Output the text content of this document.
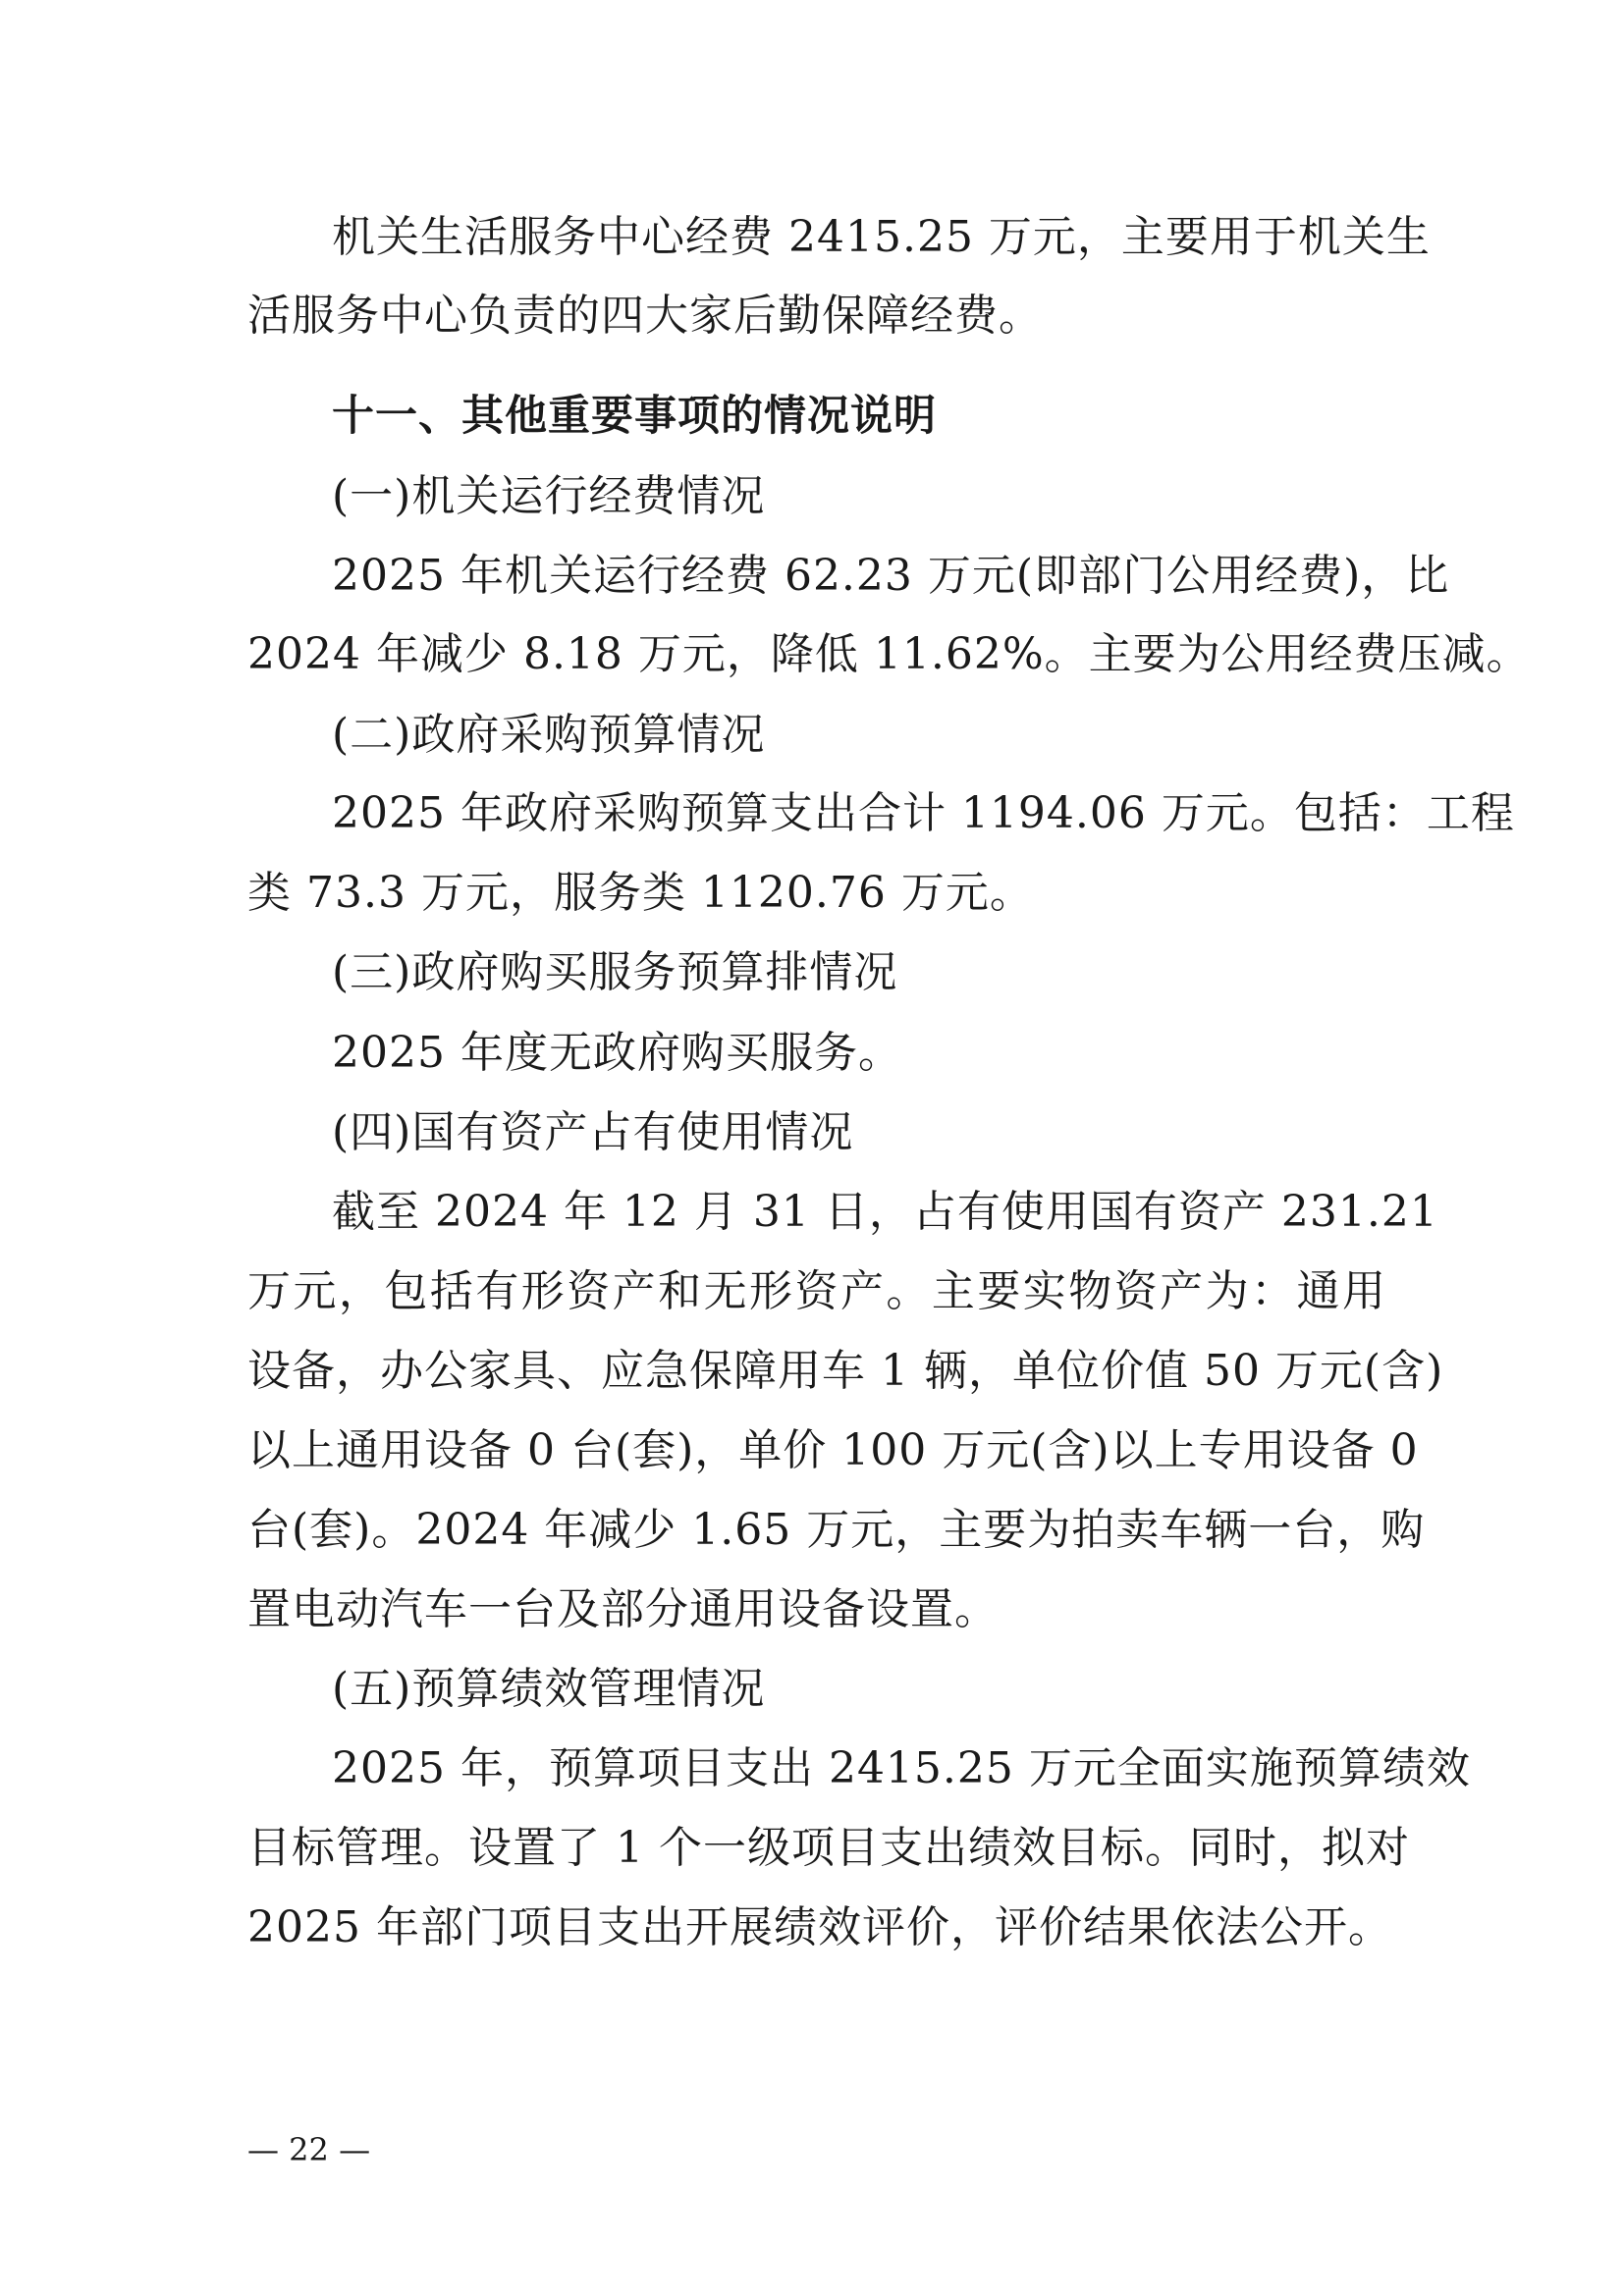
机关生活服务中心经费 2415.25 万元，主要用于机关生
活服务中心负责的四大家后勤保障经费。
十一、其他重要事项的情况说明
(一)机关运行经费情况
2025 年机关运行经费 62.23 万元(即部门公用经费)，比
2024 年减少 8.18 万元，降低 11.62%。主要为公用经费压减。
(二)政府采购预算情况
2025 年政府采购预算支出合计 1194.06 万元。包括：工程
类 73.3 万元，服务类 1120.76 万元。
(三)政府购买服务预算排情况
2025 年度无政府购买服务。
(四)国有资产占有使用情况
截至 2024 年 12 月 31 日，占有使用国有资产 231.21
万元，包括有形资产和无形资产。主要实物资产为：通用
设备，办公家具、应急保障用车 1 辆，单位价值 50 万元(含)
以上通用设备 0 台(套)，单价 100 万元(含)以上专用设备 0
台(套)。2024 年减少 1.65 万元，主要为拍卖车辆一台，购
置电动汽车一台及部分通用设备设置。
(五)预算绩效管理情况
2025 年，预算项目支出 2415.25 万元全面实施预算绩效
目标管理。设置了 1 个一级项目支出绩效目标。同时，拟对
2025 年部门项目支出开展绩效评价，评价结果依法公开。
— 22 —
